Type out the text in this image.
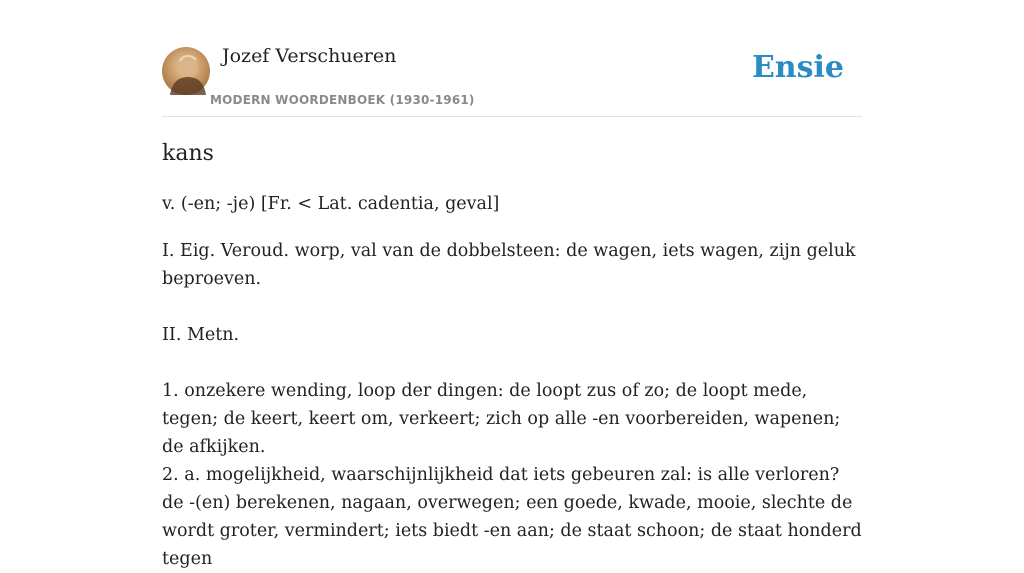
Jozef Verschueren
MODERN WOORDENBOEK (1930-1961)
Ensie
kans

v. (-en; -je) [Fr. < Lat. cadentia, geval]

I. Eig. Veroud. worp, val van de dobbelsteen: de wagen, iets wagen, zijn geluk beproeven.

II. Metn.

1. onzekere wending, loop der dingen: de loopt zus of zo; de loopt mede, tegen; de keert, keert om, verkeert; zich op alle -en voorbereiden, wapenen; de afkijken.
2. a. mogelijkheid, waarschijnlijkheid dat iets gebeuren zal: is alle verloren? de -(en) berekenen, nagaan, overwegen; een goede, kwade, mooie, slechte de wordt groter, vermindert; iets biedt -en aan; de staat schoon; de staat honderd tegen
